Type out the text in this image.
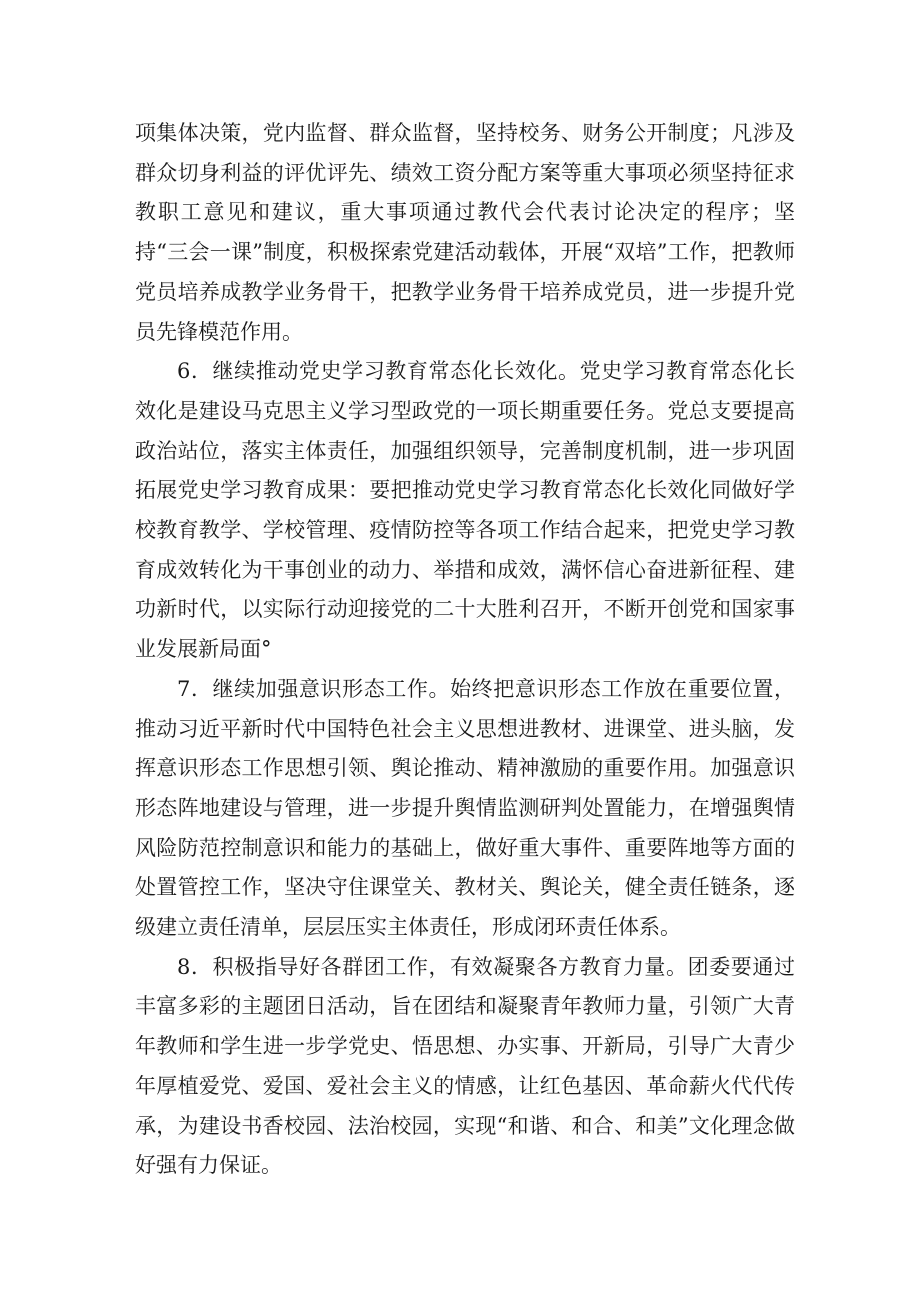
项集体决策，党内监督、群众监督，坚持校务、财务公开制度；凡涉及群众切身利益的评优评先、绩效工资分配方案等重大事项必须坚持征求教职工意见和建议，重大事项通过教代会代表讨论决定的程序；坚持“三会一课”制度，积极探索党建活动载体，开展“双培”工作，把教师党员培养成教学业务骨干，把教学业务骨干培养成党员，进一步提升党员先锋模范作用。

6．继续推动党史学习教育常态化长效化。党史学习教育常态化长效化是建设马克思主义学习型政党的一项长期重要任务。党总支要提高政治站位，落实主体责任，加强组织领导，完善制度机制，进一步巩固拓展党史学习教育成果：要把推动党史学习教育常态化长效化同做好学校教育教学、学校管理、疫情防控等各项工作结合起来，把党史学习教育成效转化为干事创业的动力、举措和成效，满怀信心奋进新征程、建功新时代，以实际行动迎接党的二十大胜利召开，不断开创党和国家事业发展新局面°

7．继续加强意识形态工作。始终把意识形态工作放在重要位置，推动习近平新时代中国特色社会主义思想进教材、进课堂、进头脑，发挥意识形态工作思想引领、舆论推动、精神激励的重要作用。加强意识形态阵地建设与管理，进一步提升舆情监测研判处置能力，在增强舆情风险防范控制意识和能力的基础上，做好重大事件、重要阵地等方面的处置管控工作，坚决守住课堂关、教材关、舆论关，健全责任链条，逐级建立责任清单，层层压实主体责任，形成闭环责任体系。

8．积极指导好各群团工作，有效凝聚各方教育力量。团委要通过丰富多彩的主题团日活动，旨在团结和凝聚青年教师力量，引领广大青年教师和学生进一步学党史、悟思想、办实事、开新局，引导广大青少年厚植爱党、爱国、爱社会主义的情感，让红色基因、革命薪火代代传承，为建设书香校园、法治校园，实现“和谐、和合、和美”文化理念做好强有力保证。
